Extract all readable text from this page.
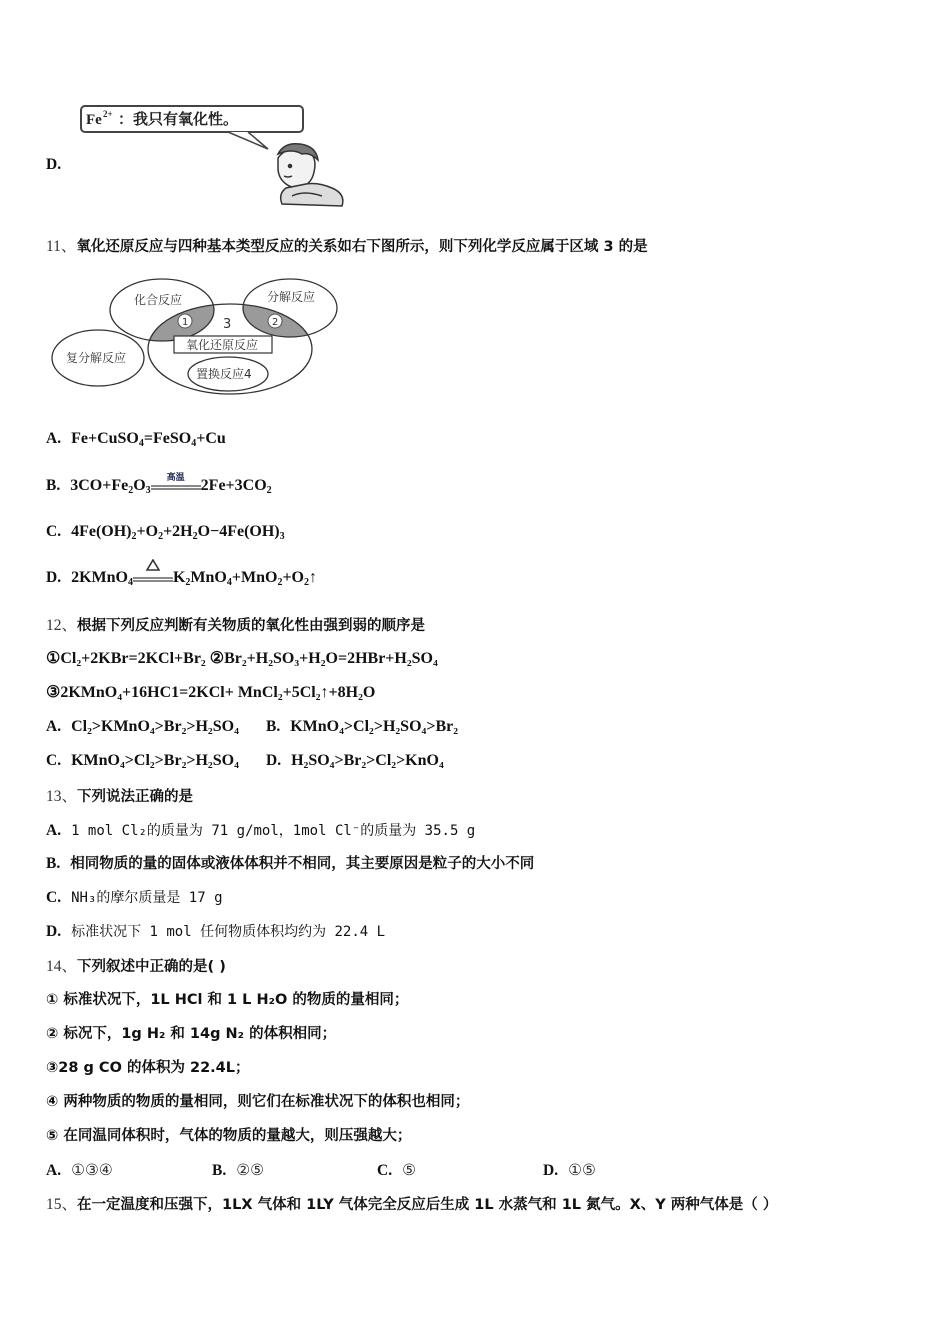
D.
Fe 2+ ：我只有氧化性。
11、氧化还原反应与四种基本类型反应的关系如右下图所示，则下列化学反应属于区域 3 的是
1	2
3
化合反应	分解反应
复分解反应
氧化还原反应
置换反应4
A. Fe+CuSO$_4$=FeSO$_4$+Cu
B. $3CO+Fe_2O_3$
高温	$2Fe+3CO_2$
C. $4Fe(OH)_2+O_2+2H_2O-4Fe(OH)_3$
D. 2KMnO$_4$	$K_2MnO_4+MnO_2+O_2↑$
12、根据下列反应判断有关物质的氧化性由强到弱的顺序是
①Cl₂+2KBr=2KCl+Br₂ ②Br₂+H₂SO₃+H₂O=2HBr+H₂SO₄
③2KMnO₄+16HC1=2KCl+ MnCl₂+5Cl₂↑+8H₂O
A. Cl₂>KMnO₄>Br₂>H₂SO₄ B. KMnO₄>Cl₂>H₂SO₄>Br₂
C. KMnO₄>Cl₂>Br₂>H₂SO₄ D. H₂SO₄>Br₂>Cl₂>KnO₄
13、下列说法正确的是
A. 1 mol Cl₂的质量为 71 g/mol，1mol Cl⁻的质量为 35.5 g
B. 相同物质的量的固体或液体体积并不相同，其主要原因是粒子的大小不同
C. NH₃的摩尔质量是 17 g
D. 标准状况下 1 mol 任何物质体积均约为 22.4 L
14、下列叙述中正确的是( )
① 标准状况下，1L HCl 和 1 L H₂O 的物质的量相同；
② 标况下，1g H₂ 和 14g N₂ 的体积相同；
③28 g CO 的体积为 22.4L；
④ 两种物质的物质的量相同，则它们在标准状况下的体积也相同；
⑤ 在同温同体积时，气体的物质的量越大，则压强越大；
A. ①③④	B. ②⑤	C. ⑤	D. ①⑤
15、在一定温度和压强下，1LX 气体和 1LY 气体完全反应后生成 1L 水蒸气和 1L 氮气。X、Y 两种气体是（ ）
